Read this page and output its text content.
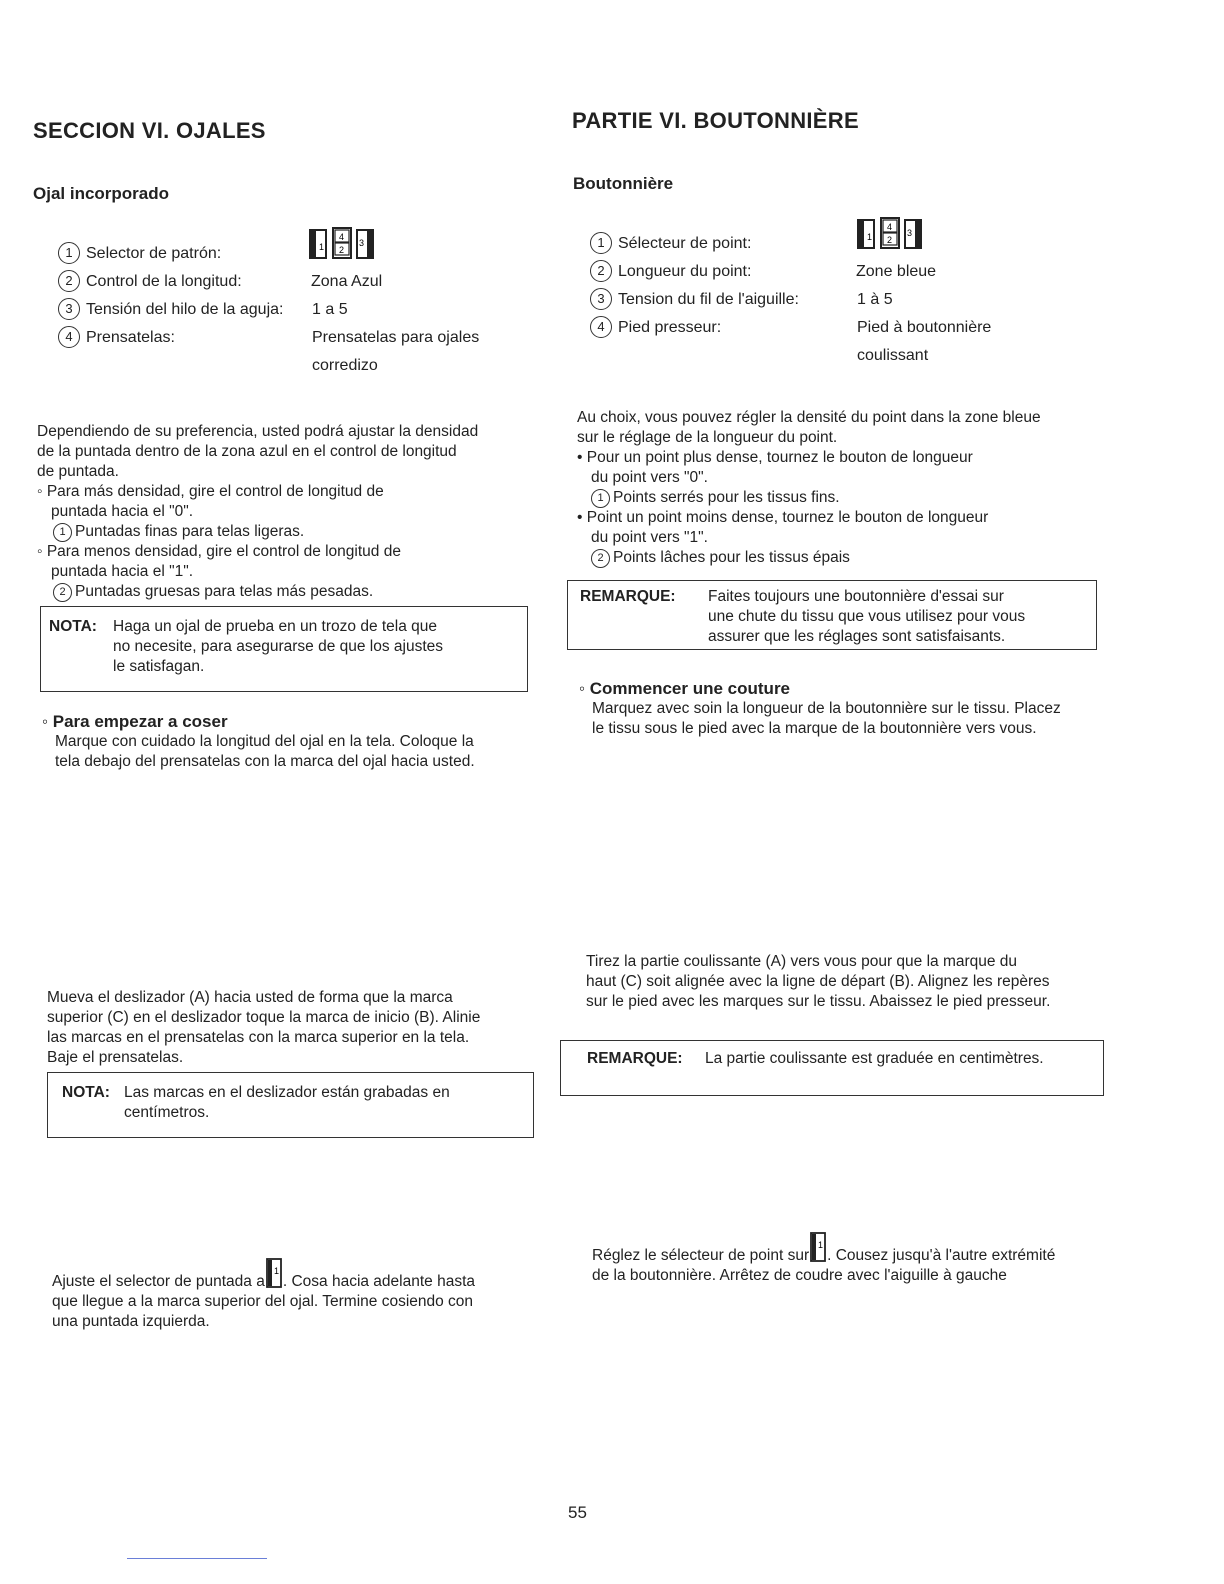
SECCION VI. OJALES
Ojal incorporado
1 Selector de patrón:	1
4
2
3
2 Control de la longitud:	Zona Azul
3 Tensión del hilo de la aguja: 1 a 5
4 Prensatelas:	Prensatelas para ojales
corredizo
Dependiendo de su preferencia, usted podrá ajustar la densidad
de la puntada dentro de la zona azul en el control de longitud
de puntada.
◦ Para más densidad, gire el control de longitud de
puntada hacia el "0".
1 Puntadas finas para telas ligeras.
◦ Para menos densidad, gire el control de longitud de
puntada hacia el "1".
2 Puntadas gruesas para telas más pesadas.
NOTA:	Haga un ojal de prueba en un trozo de tela que
no necesite, para asegurarse de que los ajustes
le satisfagan.
◦ Para empezar a coser
Marque con cuidado la longitud del ojal en la tela. Coloque la
tela debajo del prensatelas con la marca del ojal hacia usted.
Mueva el deslizador (A) hacia usted de forma que la marca
superior (C) en el deslizador toque la marca de inicio (B). Alinie
las marcas en el prensatelas con la marca superior en la tela.
Baje el prensatelas.
NOTA: Las marcas en el deslizador están grabadas en
centímetros.
Ajuste el selector de puntada a
1
. Cosa hacia adelante hasta
que llegue a la marca superior del ojal. Termine cosiendo con
una puntada izquierda.
PARTIE VI. BOUTONNIÈRE
Boutonnière
1 Sélecteur de point:	1
4
2
3
2 Longueur du point:	Zone bleue
3 Tension du fil de l'aiguille:	1 à 5
4 Pied presseur:	Pied à boutonnière
coulissant
Au choix, vous pouvez régler la densité du point dans la zone bleue
sur le réglage de la longueur du point.
• Pour un point plus dense, tournez le bouton de longueur
du point vers "0".
1 Points serrés pour les tissus fins.
• Point un point moins dense, tournez le bouton de longueur
du point vers "1".
2 Points lâches pour les tissus épais
REMARQUE:	Faites toujours une boutonnière d'essai sur
une chute du tissu que vous utilisez pour vous
assurer que les réglages sont satisfaisants.
◦ Commencer une couture
Marquez avec soin la longueur de la boutonnière sur le tissu. Placez
le tissu sous le pied avec la marque de la boutonnière vers vous.
Tirez la partie coulissante (A) vers vous pour que la marque du
haut (C) soit alignée avec la ligne de départ (B). Alignez les repères
sur le pied avec les marques sur le tissu. Abaissez le pied presseur.
REMARQUE:	La partie coulissante est graduée en centimètres.
Réglez le sélecteur de point sur
1
. Cousez jusqu'à l'autre extrémité
de la boutonnière. Arrêtez de coudre avec l'aiguille à gauche
55
